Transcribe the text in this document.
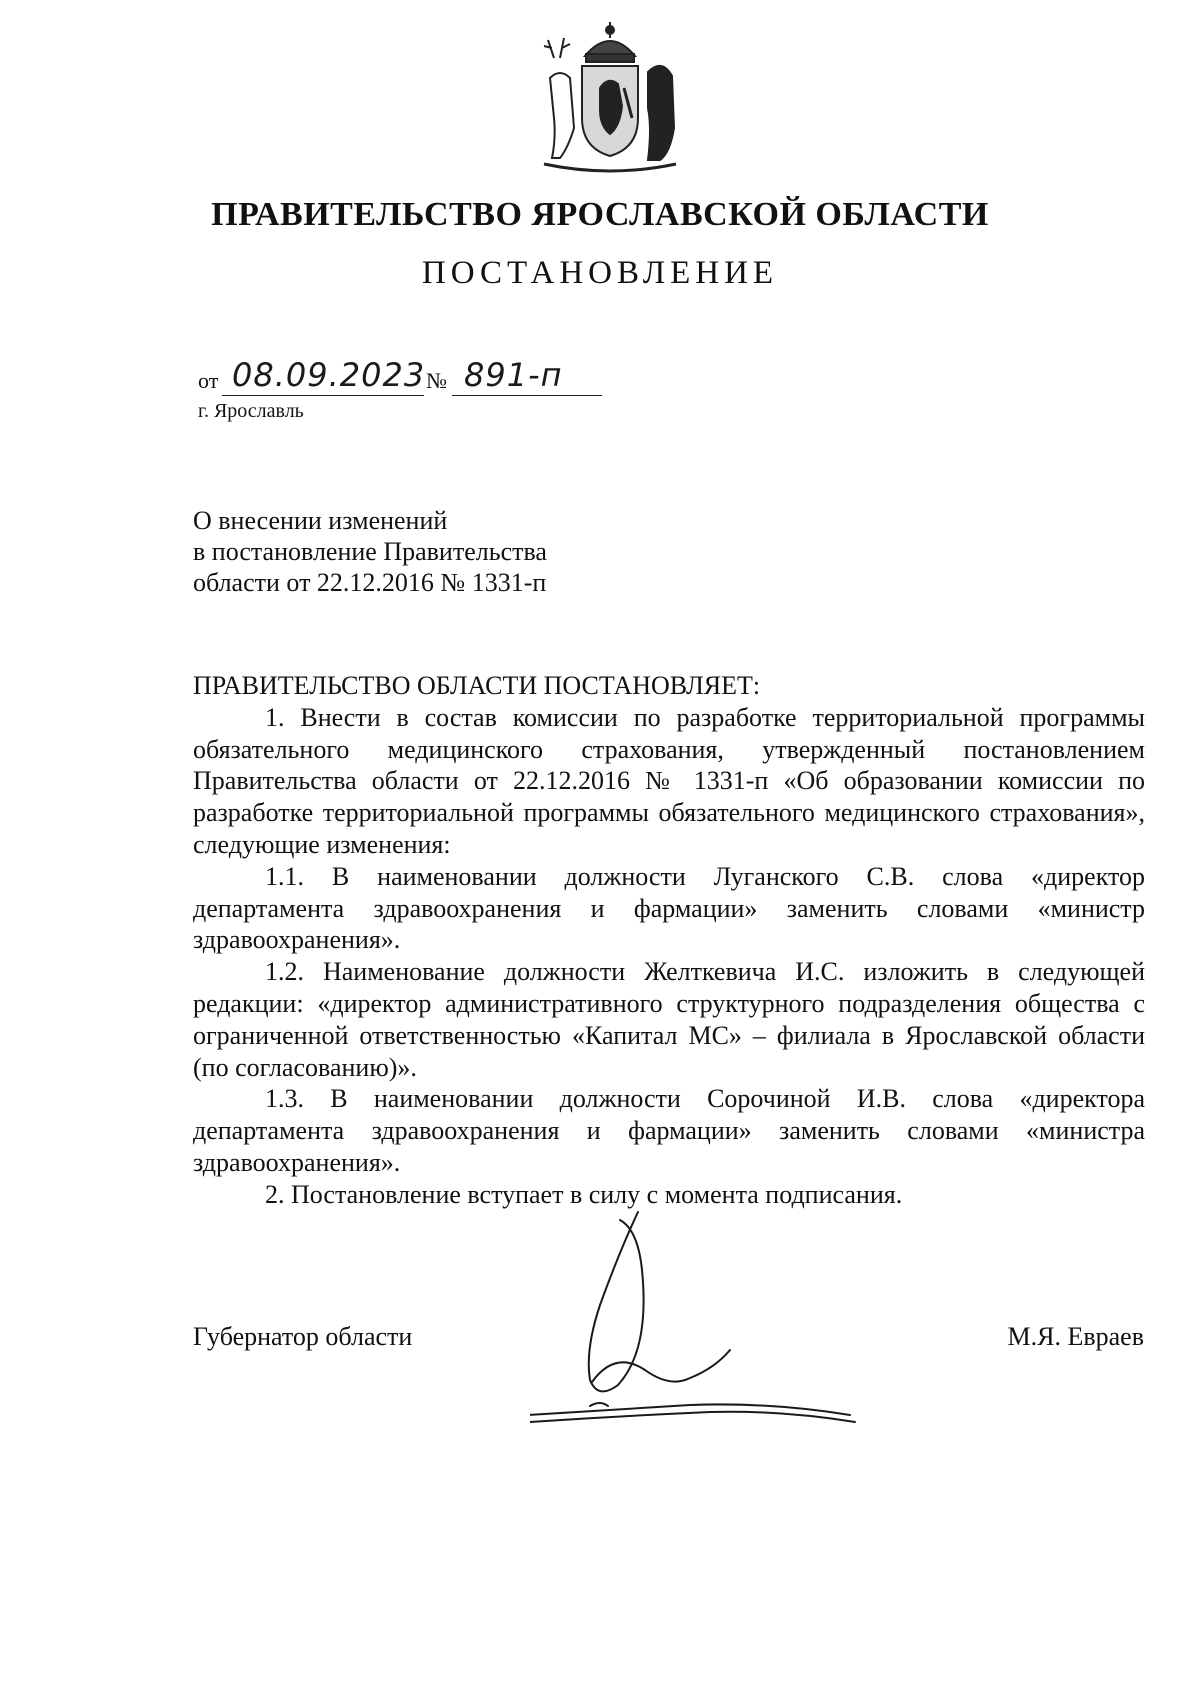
ПРАВИТЕЛЬСТВО ЯРОСЛАВСКОЙ ОБЛАСТИ
ПОСТАНОВЛЕНИЕ
от 08.09.2023 № 891-п
г. Ярославль
О внесении изменений
в постановление Правительства
области от 22.12.2016 № 1331-п
ПРАВИТЕЛЬСТВО ОБЛАСТИ ПОСТАНОВЛЯЕТ:

1. Внести в состав комиссии по разработке территориальной программы обязательного медицинского страхования, утвержденный постановлением Правительства области от 22.12.2016 № 1331-п «Об образовании комиссии по разработке территориальной программы обязательного медицинского страхования», следующие изменения:

1.1. В наименовании должности Луганского С.В. слова «директор департамента здравоохранения и фармации» заменить словами «министр здравоохранения».

1.2. Наименование должности Желткевича И.С. изложить в следующей редакции: «директор административного структурного подразделения общества с ограниченной ответственностью «Капитал МС» – филиала в Ярославской области (по согласованию)».

1.3. В наименовании должности Сорочиной И.В. слова «директора департамента здравоохранения и фармации» заменить словами «министра здравоохранения».

2. Постановление вступает в силу с момента подписания.

Губернатор области	М.Я. Евраев
